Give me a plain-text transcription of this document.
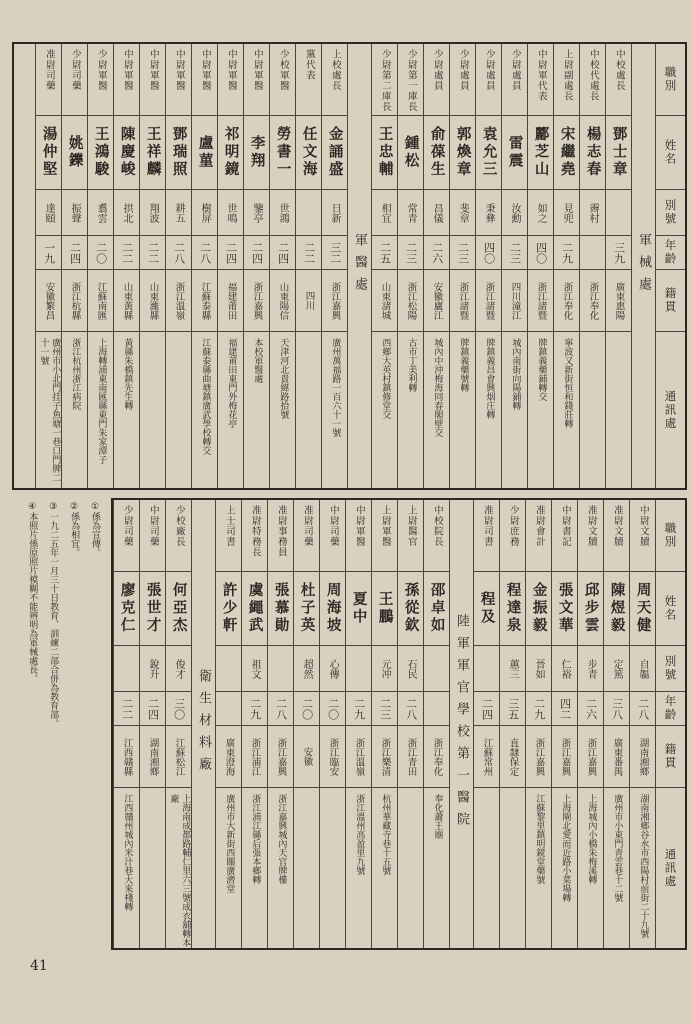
職別
姓名
別號
年齡
籍貫
通訊處
軍械處
中校處長
鄧士章
三九
廣東惠陽
中校代處長
楊志春
霽村
浙江奉化
上尉副處長
宋繼堯
見兜
二九
浙江奉化
寧波又新街恒和錢莊轉
中尉軍代表
酈芝山
如之
四〇
浙江諸暨
牌鎮義藥鋪轉交
少尉處員
雷震
汝勳
二三
四川潼江
城內南街向陽鋪轉
少尉處員
袁允三
秉彝
四〇
浙江諸暨
牌鎮義昌會興烟庄轉
少尉處員
郭煥章
斐章
二三
浙江諸暨
牌鎮義藥號轉
少尉處員
俞葆生
昌儀
二六
安徽廬江
城內中沖梅海同春閣壁交
少尉第一庫長
鍾松
常青
二三
浙江松陽
古市丁美利轉
少尉第二庫長
王忠輔
相宜
二五
山東諸城
西鄉大英村鎮修堂交
軍醫處
上校處長
金誦盛
日新
三二
浙江嘉興
廣州萬福路一百六十一號
黨代表
任文海
二二
四川
少校軍醫
勞書一
世鴻
二四
山東陽信
天津河北貴緯路拾號
中尉軍醫
李翔
鑒亭
二四
浙江嘉興
本校軍醫處
中尉軍醫
祁明鏡
世鳴
二四
福建莆田
福建莆田東門外梅花亭
中尉軍醫
盧菫
樹屏
二八
江蘇泰縣
江蘇泰縣曲塘鎮廣武學校轉交
中尉軍醫
鄧瑞照
耕五
二八
浙江溫嶺
中尉軍醫
王祥麟
翔波
二二
山東濰縣
中尉軍醫
陳慶峻
拱北
二二
山東黃縣
黃縣朱橋鎮先生轉
少尉軍醫
王鴻駿
翥雲
二〇
江蘇南匯
上海轉浦東南匯縣東門朱家潭子
少尉司藥
姚鑠
振聲
二四
浙江杭縣
浙江杭州浙江病院
准尉司藥
湯仲堅
達頤
一九
安徽繁昌
廣州市小北門挂子魚塘一巷口門牌二十一號
職別
姓名
別號
年齡
籍貫
通訊處
中尉文牘
周天健
自韞
二八
湖南湘鄉
湖南湘鄉谷水市西陽村前街二十九號
准尉文牘
陳煜毅
定篤
三八
廣東番禺
廣州市小東門青雲巷十二號
准尉文牘
邱步雲
步青
二六
浙江嘉興
上海城內小橋朱梅溪轉
中尉書記
張文華
仁裕
四二
浙江嘉興
上海閘北愛而近路小菜場轉
准尉會計
金振毅
晉如
二九
浙江嘉興
江蘇黎里鎮明鏡堂藥號
少尉庶務
程達泉
蕙三
三五
直隸保定
准尉司書
程及
二四
江蘇常州
陸軍軍官學校第一醫院
中校院長
邵卓如
浙江奉化
奉化蕭王廟
上尉醫官
孫從欽
石民
二八
浙江青田
上尉軍醫
王鵬
元冲
二三
浙江樂清
杭州華藏寺巷十五號
中尉軍醫
夏中
二九
浙江溫嶺
浙江溫州高盈里九號
中尉司藥
周海坡
心傳
二〇
浙江臨安
准尉司藥
杜子英
超然
二〇
安徽
准尉事務員
張慕勛
二八
浙江嘉興
浙江嘉興城內天官牌樓
准尉特務長
虞繩武
祖文
二九
浙江浦江
浙江浦江縣后張本鄉轉
上士司書
許少軒
廣東澄海
廣州市大新街西關廣濟堂
衛生材料廠
少校廠長
何亞杰
俊才
三〇
江蘇松江
上海南成都路輔仁里六三號成衣舖轉本廠
中尉司藥
張世才
銳升
二四
湖南湘鄉
少尉司藥
廖克仁
二二
江西贛縣
江西贛州城內米汁巷大來棧轉
①係為宣傳。
②係為相宜。
③一九二五年一月三十日教育、訓練二部合併為教育部。
④本照片係原照片模糊不能辨明為軍械處長。
41
